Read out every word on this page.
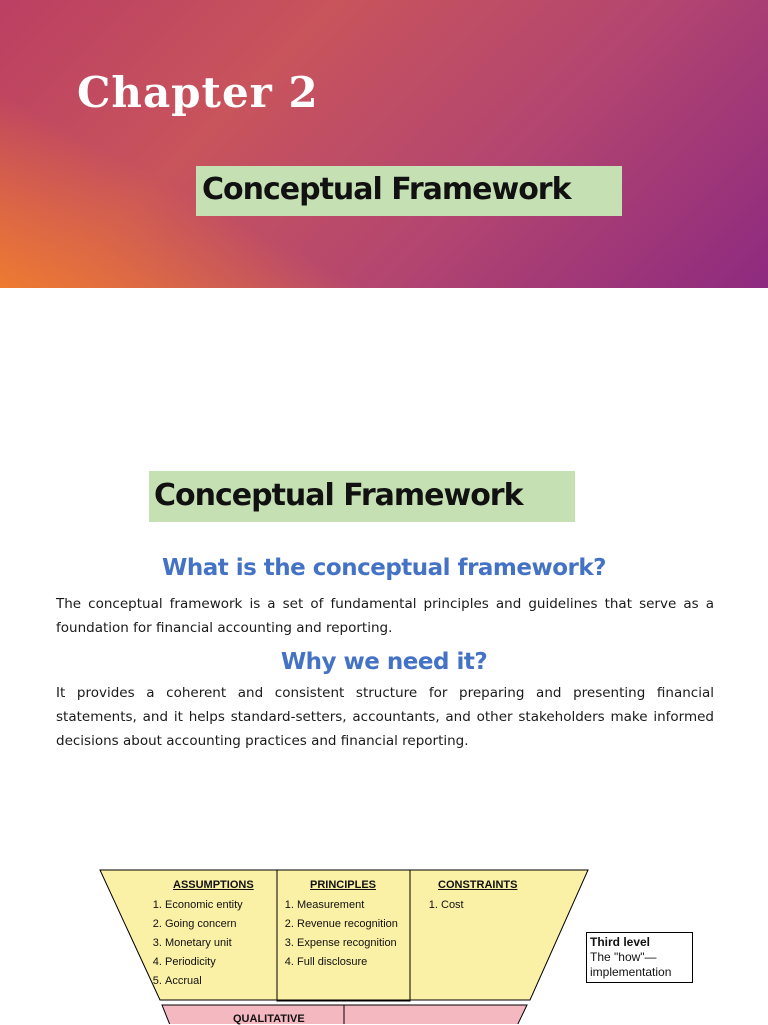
Chapter 2
Conceptual Framework
Conceptual Framework
What is the conceptual framework?

The conceptual framework is a set of fundamental principles and guidelines that serve as a foundation for financial accounting and reporting.

Why we need it?

It provides a coherent and consistent structure for preparing and presenting financial statements, and it helps standard-setters, accountants, and other stakeholders make informed decisions about accounting practices and financial reporting.

ASSUMPTIONS
1. Economic entity
2. Going concern
3. Monetary unit
4. Periodicity
5. Accrual
PRINCIPLES
1. Measurement
2. Revenue recognition
3. Expense recognition
4. Full disclosure
CONSTRAINTS
1. Cost
Third level
The "how"— implementation
QUALITATIVE
